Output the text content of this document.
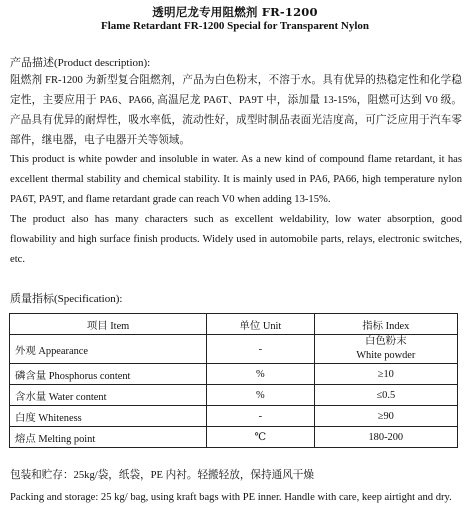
透明尼龙专用阻燃剂 FR-1200
Flame Retardant FR-1200 Special for Transparent Nylon
产品描述(Product description):

阻燃剂 FR-1200 为新型复合阻燃剂，产品为白色粉末，不溶于水。具有优异的热稳定性和化学稳定性，主要应用于 PA6、PA66, 高温尼龙 PA6T、PA9T 中，添加量 13-15%，阻燃可达到 V0 级。产品具有优异的耐焊性，吸水率低，流动性好，成型时制品表面光洁度高，可广泛应用于汽车零部件，继电器，电子电器开关等领域。

This product is white powder and insoluble in water. As a new kind of compound flame retardant, it has excellent thermal stability and chemical stability. It is mainly used in PA6, PA66, high temperature nylon PA6T, PA9T, and flame retardant grade can reach V0 when adding 13-15%.

The product also has many characters such as excellent weldability, low water absorption, good flowability and high surface finish products. Widely used in automobile parts, relays, electronic switches, etc.

质量指标(Specification):
项目 Item	单位 Unit	指标 Index
外观 Appearance	-	白色粉末
White powder

磷含量 Phosphorus content	%	≥10
含水量 Water content	%	≤0.5
白度 Whiteness	-	≥90
熔点 Melting point	℃	180-200

包装和贮存：25kg/袋，纸袋，PE 内衬。轻搬轻放，保持通风干燥

Packing and storage: 25 kg/ bag, using kraft bags with PE inner. Handle with care, keep airtight and dry.
